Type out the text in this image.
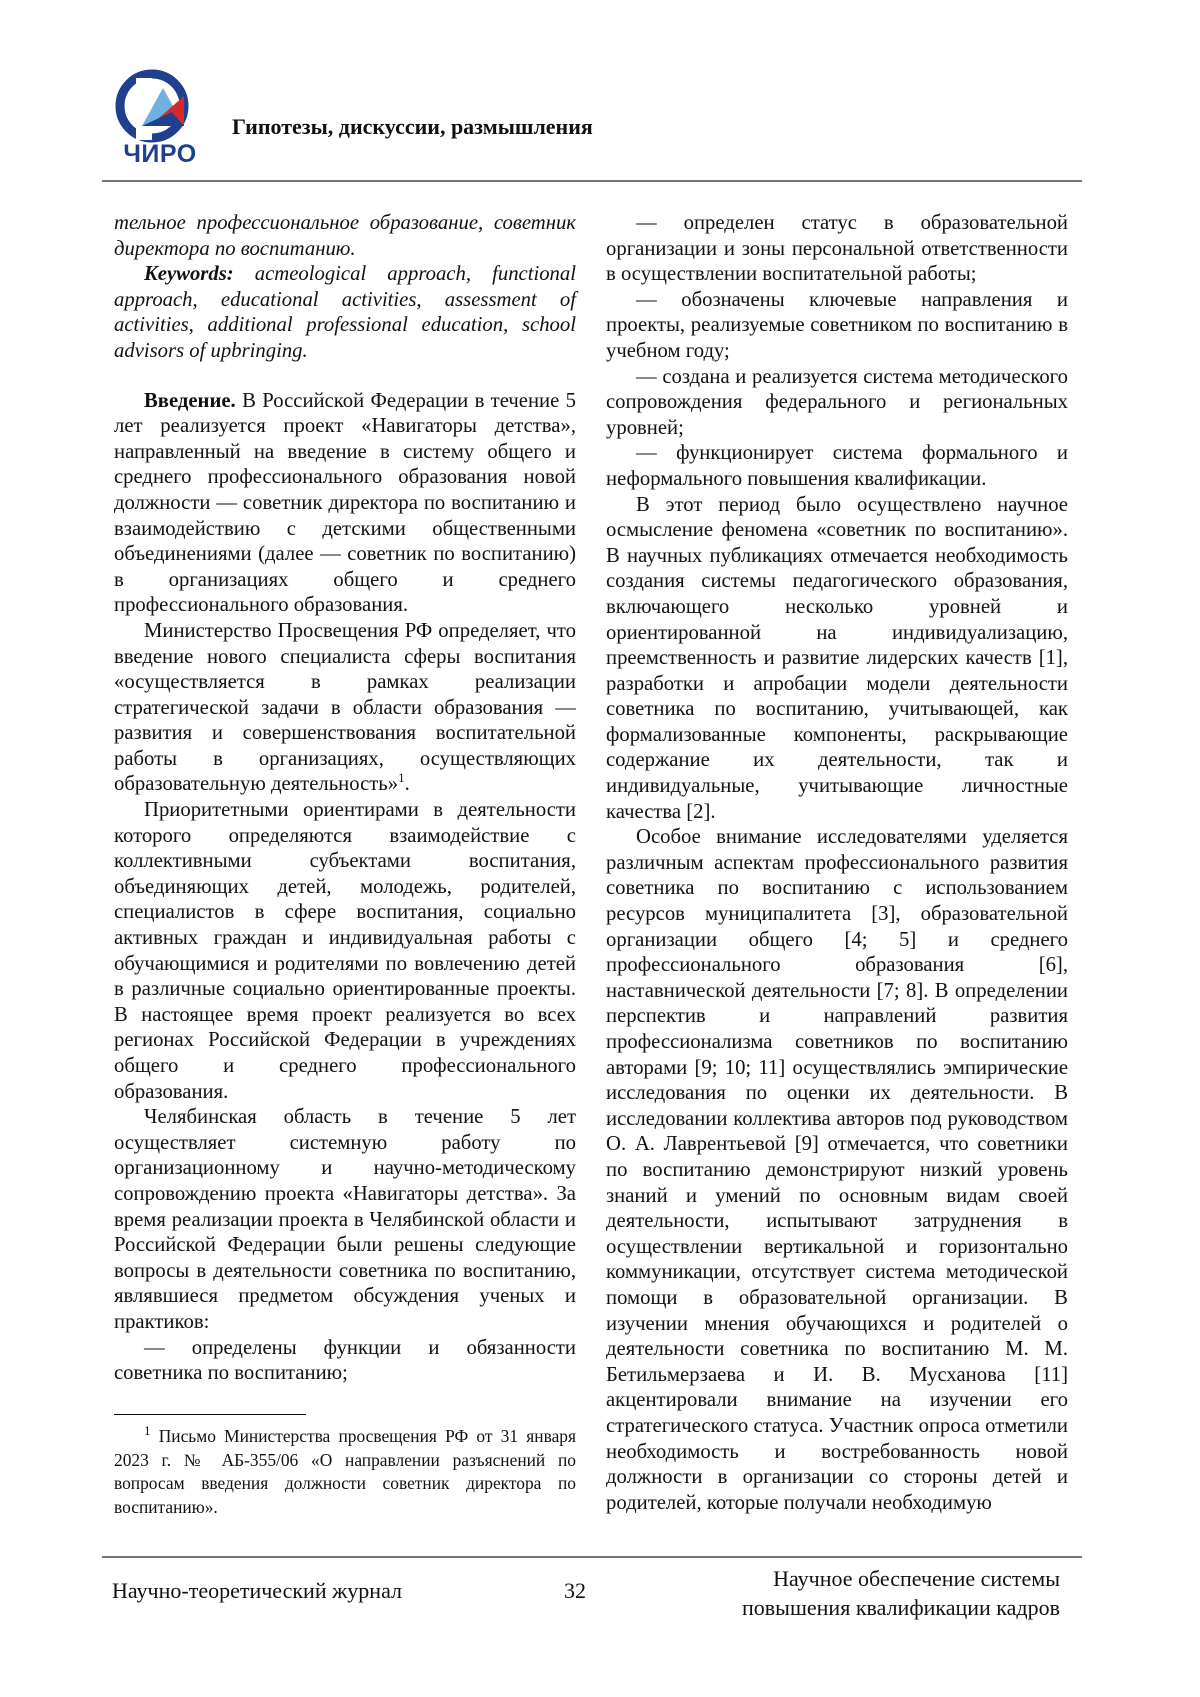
ЧИРО
Гипотезы, дискуссии, размышления

тельное профессиональное образование, советник директора по воспитанию.

Keywords: acmeological approach, functional approach, educational activities, assessment of activities, additional professional education, school advisors of upbringing.

Введение. В Российской Федерации в течение 5 лет реализуется проект «Навигаторы детства», направленный на введение в систему общего и среднего профессионального образования новой должности — советник директора по воспитанию и взаимодействию с детскими общественными объединениями (далее — советник по воспитанию) в организациях общего и среднего профессионального образования.

Министерство Просвещения РФ определяет, что введение нового специалиста сферы воспитания «осуществляется в рамках реализации стратегической задачи в области образования — развития и совершенствования воспитательной работы в организациях, осуществляющих образовательную деятельность»$^1$.

Приоритетными ориентирами в деятельности которого определяются взаимодействие с коллективными субъектами воспитания, объединяющих детей, молодежь, родителей, специалистов в сфере воспитания, социально активных граждан и индивидуальная работы с обучающимися и родителями по вовлечению детей в различные социально ориентированные проекты. В настоящее время проект реализуется во всех регионах Российской Федерации в учреждениях общего и среднего профессионального образования.

Челябинская область в течение 5 лет осуществляет системную работу по организационному и научно-методическому сопровождению проекта «Навигаторы детства». За время реализации проекта в Челябинской области и Российской Федерации были решены следующие вопросы в деятельности советника по воспитанию, являвшиеся предметом обсуждения ученых и практиков:

— определены функции и обязанности советника по воспитанию;

$^1$ Письмо Министерства просвещения РФ от 31 января 2023 г. № АБ-355/06 «О направлении разъяснений по вопросам введения должности советник директора по воспитанию».

— определен статус в образовательной организации и зоны персональной ответственности в осуществлении воспитательной работы;

— обозначены ключевые направления и проекты, реализуемые советником по воспитанию в учебном году;

— создана и реализуется система методического сопровождения федерального и региональных уровней;

— функционирует система формального и неформального повышения квалификации.

В этот период было осуществлено научное осмысление феномена «советник по воспитанию». В научных публикациях отмечается необходимость создания системы педагогического образования, включающего несколько уровней и ориентированной на индивидуализацию, преемственность и развитие лидерских качеств [1], разработки и апробации модели деятельности советника по воспитанию, учитывающей, как формализованные компоненты, раскрывающие содержание их деятельности, так и индивидуальные, учитывающие личностные качества [2].

Особое внимание исследователями уделяется различным аспектам профессионального развития советника по воспитанию с использованием ресурсов муниципалитета [3], образовательной организации общего [4; 5] и среднего профессионального образования [6], наставнической деятельности [7; 8]. В определении перспектив и направлений развития профессионализма советников по воспитанию авторами [9; 10; 11] осуществлялись эмпирические исследования по оценки их деятельности. В исследовании коллектива авторов под руководством О. А. Лаврентьевой [9] отмечается, что советники по воспитанию демонстрируют низкий уровень знаний и умений по основным видам своей деятельности, испытывают затруднения в осуществлении вертикальной и горизонтально коммуникации, отсутствует система методической помощи в образовательной организации. В изучении мнения обучающихся и родителей о деятельности советника по воспитанию М. М. Бетильмерзаева и И. В. Мусханова [11] акцентировали внимание на изучении его стратегического статуса. Участник опроса отметили необходимость и востребованность новой должности в организации со стороны детей и родителей, которые получали необходимую

Научно-теоретический журнал	32	Научное обеспечение системы
повышения квалификации кадров
